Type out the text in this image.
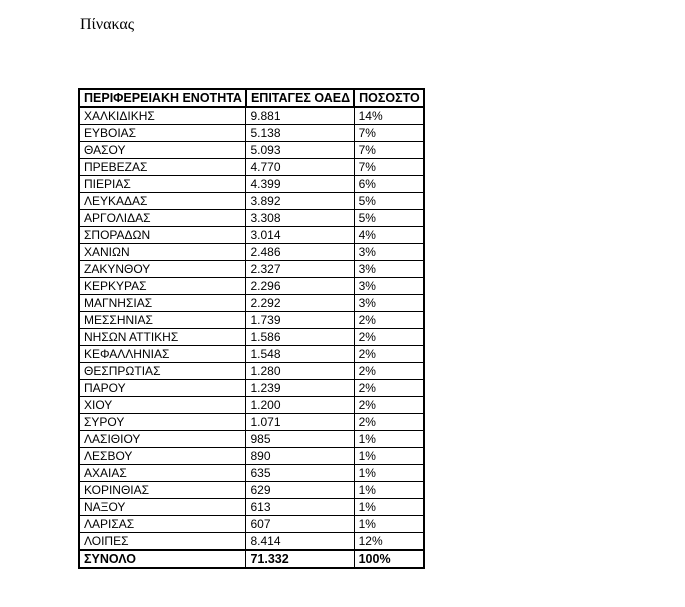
Πίνακας
ΠΕΡΙΦΕΡΕΙΑΚΗ ΕΝΟΤΗΤΑ	ΕΠΙΤΑΓΕΣ ΟΑΕΔ	ΠΟΣΟΣΤΟ
ΧΑΛΚΙΔΙΚΗΣ	9.881	14%
ΕΥΒΟΙΑΣ	5.138	7%
ΘΑΣΟΥ	5.093	7%
ΠΡΕΒΕΖΑΣ	4.770	7%
ΠΙΕΡΙΑΣ	4.399	6%
ΛΕΥΚΑΔΑΣ	3.892	5%
ΑΡΓΟΛΙΔΑΣ	3.308	5%
ΣΠΟΡΑΔΩΝ	3.014	4%
ΧΑΝΙΩΝ	2.486	3%
ΖΑΚΥΝΘΟΥ	2.327	3%
ΚΕΡΚΥΡΑΣ	2.296	3%
ΜΑΓΝΗΣΙΑΣ	2.292	3%
ΜΕΣΣΗΝΙΑΣ	1.739	2%
ΝΗΣΩΝ ΑΤΤΙΚΗΣ	1.586	2%
ΚΕΦΑΛΛΗΝΙΑΣ	1.548	2%
ΘΕΣΠΡΩΤΙΑΣ	1.280	2%
ΠΑΡΟΥ	1.239	2%
ΧΙΟΥ	1.200	2%
ΣΥΡΟΥ	1.071	2%
ΛΑΣΙΘΙΟΥ	985	1%
ΛΕΣΒΟΥ	890	1%
ΑΧΑΙΑΣ	635	1%
ΚΟΡΙΝΘΙΑΣ	629	1%
ΝΑΞΟΥ	613	1%
ΛΑΡΙΣΑΣ	607	1%
ΛΟΙΠΕΣ	8.414	12%
ΣΥΝΟΛΟ	71.332	100%
